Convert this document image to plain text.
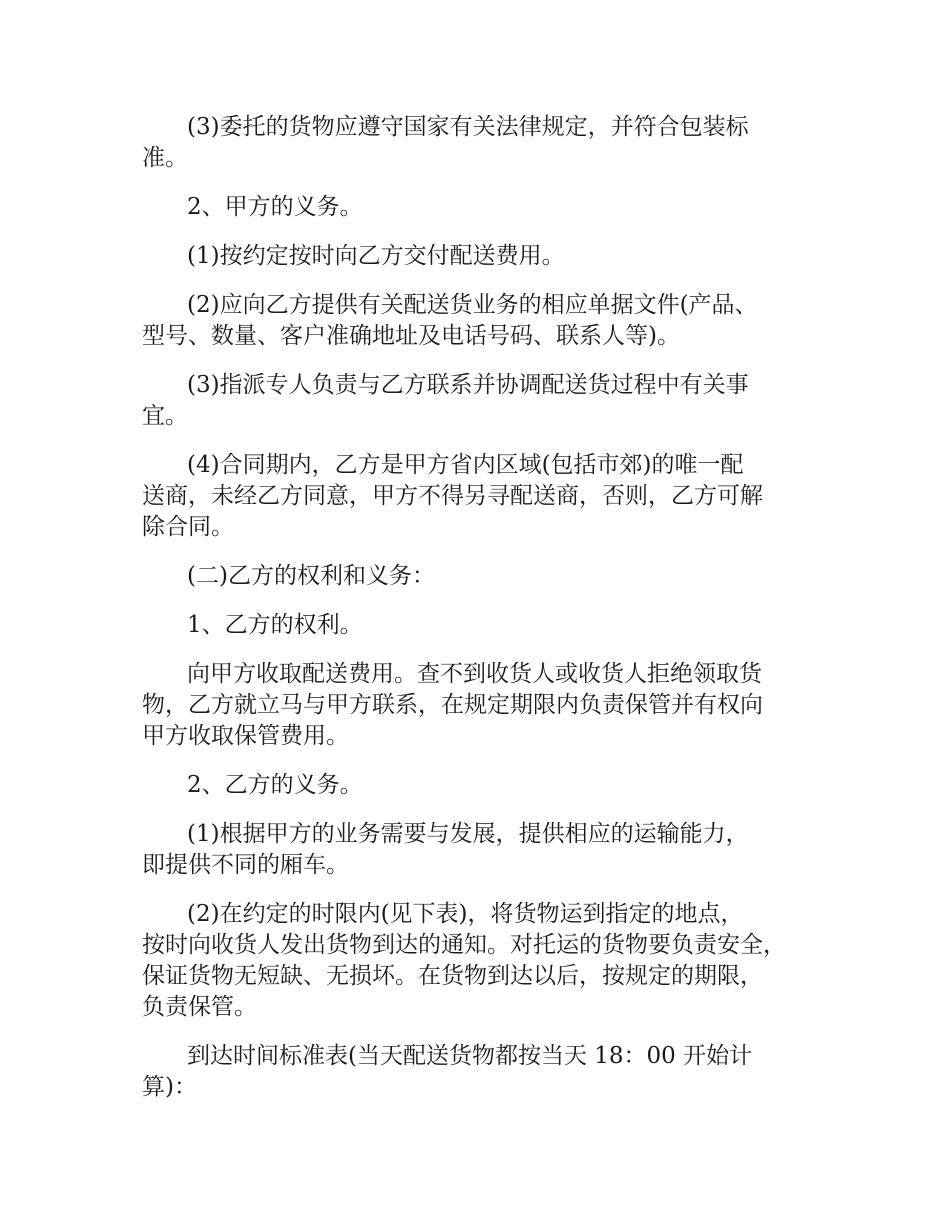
(3)委托的货物应遵守国家有关法律规定，并符合包装标
准。

2、甲方的义务。

(1)按约定按时向乙方交付配送费用。

(2)应向乙方提供有关配送货业务的相应单据文件(产品、
型号、数量、客户准确地址及电话号码、联系人等)。

(3)指派专人负责与乙方联系并协调配送货过程中有关事
宜。

(4)合同期内，乙方是甲方省内区域(包括市郊)的唯一配
送商，未经乙方同意，甲方不得另寻配送商，否则，乙方可解
除合同。

(二)乙方的权利和义务：

1、乙方的权利。

向甲方收取配送费用。查不到收货人或收货人拒绝领取货
物，乙方就立马与甲方联系，在规定期限内负责保管并有权向
甲方收取保管费用。

2、乙方的义务。

(1)根据甲方的业务需要与发展，提供相应的运输能力，
即提供不同的厢车。

(2)在约定的时限内(见下表)，将货物运到指定的地点，
按时向收货人发出货物到达的通知。对托运的货物要负责安全，
保证货物无短缺、无损坏。在货物到达以后，按规定的期限，
负责保管。

到达时间标准表(当天配送货物都按当天 18：00 开始计
算)：
